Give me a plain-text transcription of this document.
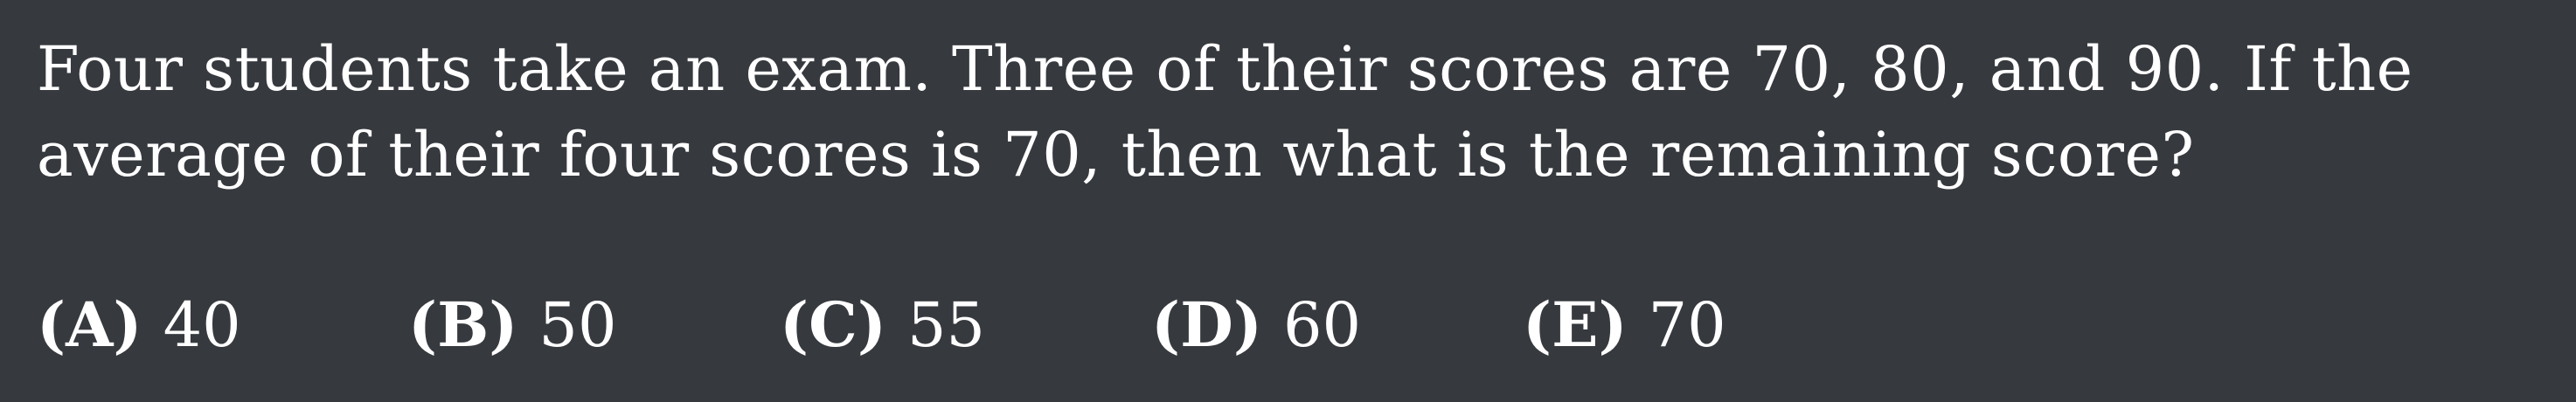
Four students take an exam. Three of their scores are 70, 80, and 90. If the average of their four scores is 70, then what is the remaining score?

(A) 40	(B) 50	(C) 55	(D) 60	(E) 70
